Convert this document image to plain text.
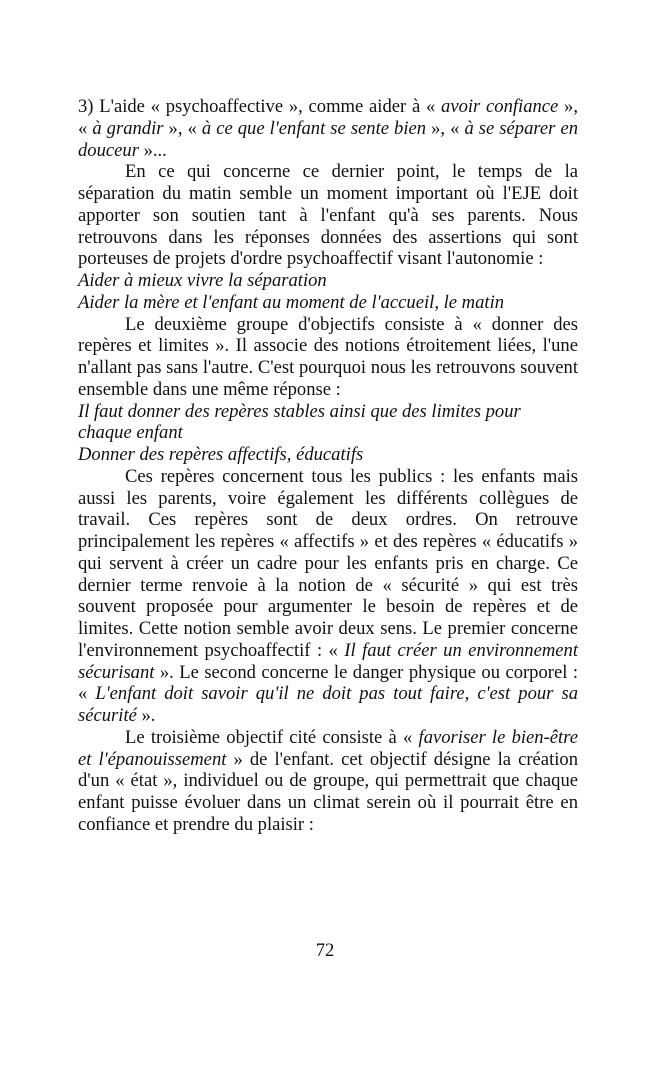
3) L'aide « psychoaffective », comme aider à « avoir confiance », « à grandir », « à ce que l'enfant se sente bien », « à se séparer en douceur »...

En ce qui concerne ce dernier point, le temps de la séparation du matin semble un moment important où l'EJE doit apporter son soutien tant à l'enfant qu'à ses parents. Nous retrouvons dans les réponses données des assertions qui sont porteuses de projets d'ordre psychoaffectif visant l'autonomie :

Aider à mieux vivre la séparation

Aider la mère et l'enfant au moment de l'accueil, le matin

Le deuxième groupe d'objectifs consiste à « donner des repères et limites ». Il associe des notions étroitement liées, l'une n'allant pas sans l'autre. C'est pourquoi nous les retrouvons souvent ensemble dans une même réponse :

Il faut donner des repères stables ainsi que des limites pour chaque enfant

Donner des repères affectifs, éducatifs

Ces repères concernent tous les publics : les enfants mais aussi les parents, voire également les différents collègues de travail. Ces repères sont de deux ordres. On retrouve principalement les repères « affectifs » et des repères « éducatifs » qui servent à créer un cadre pour les enfants pris en charge. Ce dernier terme renvoie à la notion de « sécurité » qui est très souvent proposée pour argumenter le besoin de repères et de limites. Cette notion semble avoir deux sens. Le premier concerne l'environnement psychoaffectif : « Il faut créer un environnement sécurisant ». Le second concerne le danger physique ou corporel : « L'enfant doit savoir qu'il ne doit pas tout faire, c'est pour sa sécurité ».

Le troisième objectif cité consiste à « favoriser le bien-être et l'épanouissement » de l'enfant. cet objectif désigne la création d'un « état », individuel ou de groupe, qui permettrait que chaque enfant puisse évoluer dans un climat serein où il pourrait être en confiance et prendre du plaisir :

72
